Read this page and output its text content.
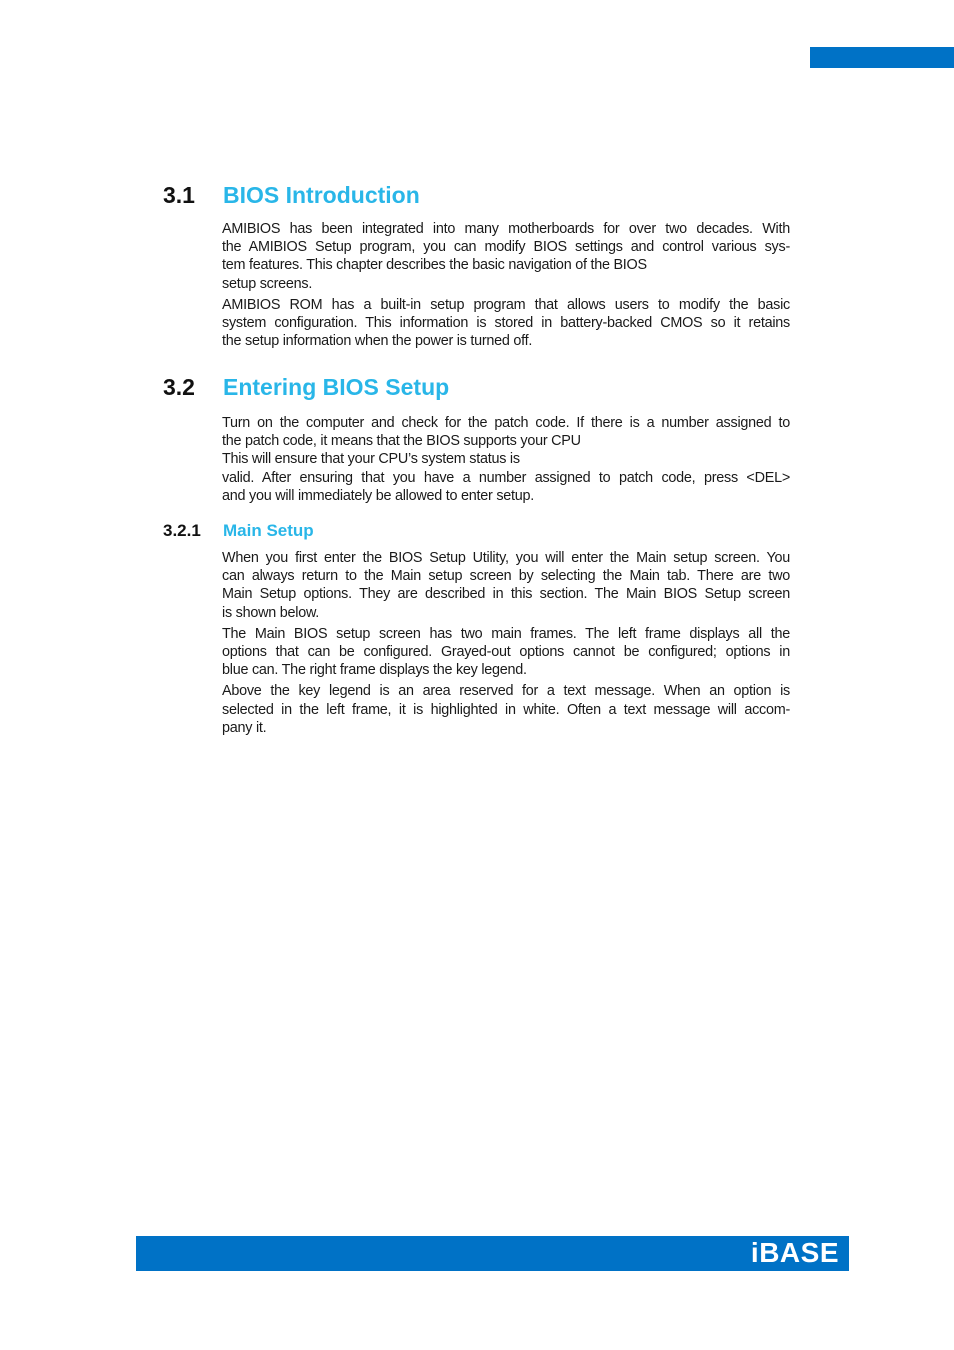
3.1 BIOS Introduction
AMIBIOS has been integrated into many motherboards for over two decades. With
the AMIBIOS Setup program, you can modify BIOS settings and control various sys-
tem features. This chapter describes the basic navigation of the BIOS
setup screens.
AMIBIOS ROM has a built-in setup program that allows users to modify the basic
system configuration. This information is stored in battery-backed CMOS so it retains
the setup information when the power is turned off.
3.2 Entering BIOS Setup
Turn on the computer and check for the patch code. If there is a number assigned to
the patch code, it means that the BIOS supports your CPU
This will ensure that your CPU’s system status is
valid. After ensuring that you have a number assigned to patch code, press <DEL>
and you will immediately be allowed to enter setup.
3.2.1 Main Setup
When you first enter the BIOS Setup Utility, you will enter the Main setup screen. You
can always return to the Main setup screen by selecting the Main tab. There are two
Main Setup options. They are described in this section. The Main BIOS Setup screen
is shown below.
The Main BIOS setup screen has two main frames. The left frame displays all the
options that can be configured. Grayed-out options cannot be configured; options in
blue can. The right frame displays the key legend.
Above the key legend is an area reserved for a text message. When an option is
selected in the left frame, it is highlighted in white. Often a text message will accom-
pany it.
iBASE
